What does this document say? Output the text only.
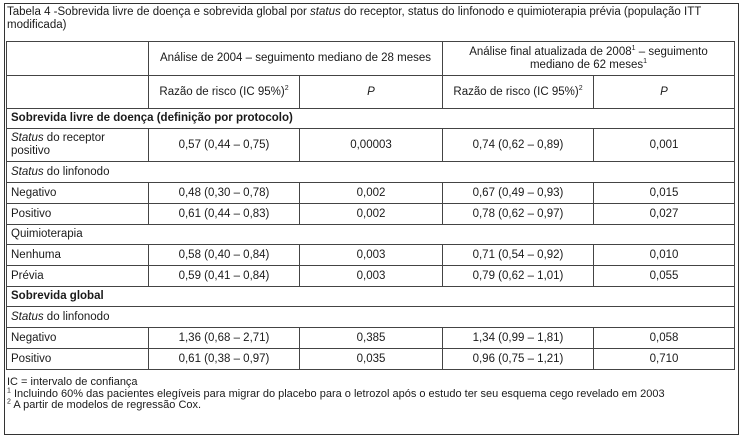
Tabela 4 -Sobrevida livre de doença e sobrevida global por status do receptor, status do linfonodo e quimioterapia prévia (população ITT modificada)
	Análise de 2004 – seguimento mediano de 28 meses		Análise final atualizada de 2008$^1$ – seguimento mediano de 62 meses$^1$
	Razão de risco (IC 95%)$^2$	P	Razão de risco (IC 95%)$^2$	P
Sobrevida livre de doença (definição por protocolo)				
Status do receptor positivo	0,57 (0,44 – 0,75)	0,00003	0,74 (0,62 – 0,89)	0,001
Status do linfonodo				
Negativo	0,48 (0,30 – 0,78)	0,002	0,67 (0,49 – 0,93)	0,015
Positivo	0,61 (0,44 – 0,83)	0,002	0,78 (0,62 – 0,97)	0,027
Quimioterapia				
Nenhuma	0,58 (0,40 – 0,84)	0,003	0,71 (0,54 – 0,92)	0,010
Prévia	0,59 (0,41 – 0,84)	0,003	0,79 (0,62 – 1,01)	0,055
Sobrevida global				
Status do linfonodo				
Negativo	1,36 (0,68 – 2,71)	0,385	1,34 (0,99 – 1,81)	0,058
Positivo	0,61 (0,38 – 0,97)	0,035	0,96 (0,75 – 1,21)	0,710
IC = intervalo de confiança
$^1$ Incluindo 60% das pacientes elegíveis para migrar do placebo para o letrozol após o estudo ter seu esquema cego revelado em 2003
$^2$ A partir de modelos de regressão Cox.
